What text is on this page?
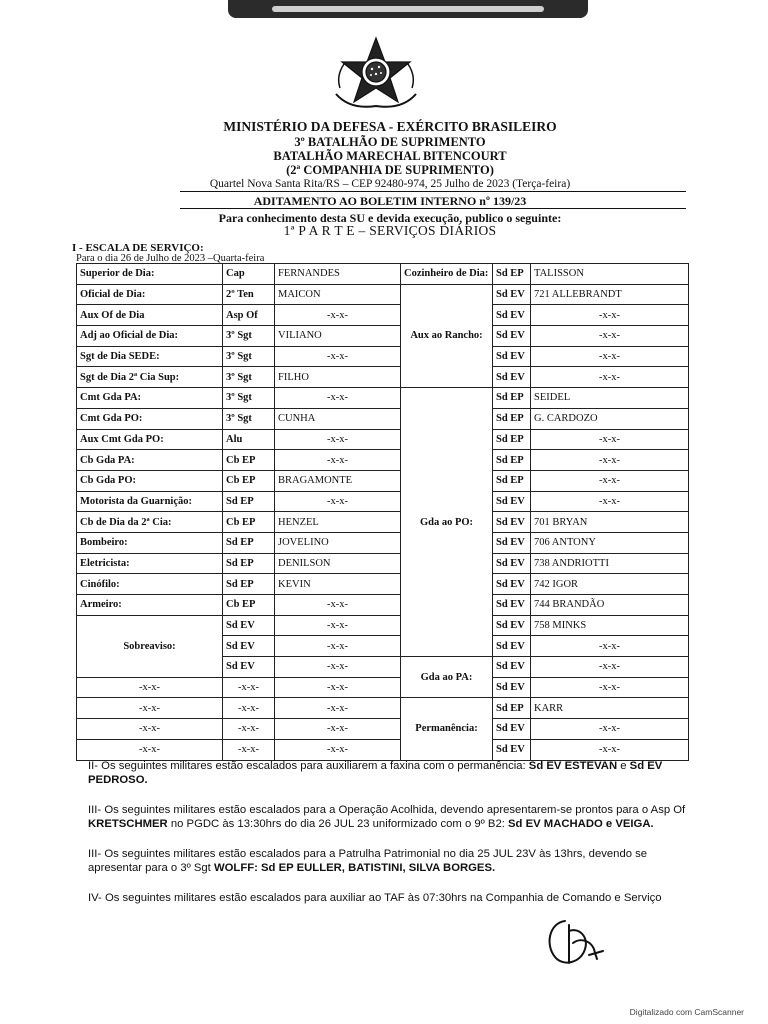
MINISTÉRIO DA DEFESA - EXÉRCITO BRASILEIRO
3º BATALHÃO DE SUPRIMENTO
BATALHÃO MARECHAL BITENCOURT
(2ª COMPANHIA DE SUPRIMENTO)
Quartel Nova Santa Rita/RS – CEP 92480-974, 25 Julho de 2023 (Terça-feira)
ADITAMENTO AO BOLETIM INTERNO nº 139/23
Para conhecimento desta SU e devida execução, publico o seguinte:
1ª P A R T E – SERVIÇOS DIÁRIOS
I - ESCALA DE SERVIÇO:
Para o dia 26 de Julho de 2023 –Quarta-feira
Superior de Dia:	Cap	FERNANDES	Cozinheiro de Dia:	Sd EP	TALISSON
Oficial de Dia:	2º Ten	MAICON	Aux ao Rancho:	Sd EV	721 ALLEBRANDT
Aux Of de Dia	Asp Of	-x-x-		Sd EV	-x-x-
Adj ao Oficial de Dia:	3º Sgt	VILIANO		Sd EV	-x-x-
Sgt de Dia SEDE:	3º Sgt	-x-x-		Sd EV	-x-x-
Sgt de Dia 2ª Cia Sup:	3º Sgt	FILHO		Sd EV	-x-x-
Cmt Gda PA:	3º Sgt	-x-x-	Gda ao PO:	Sd EP	SEIDEL
Cmt Gda PO:	3º Sgt	CUNHA		Sd EP	G. CARDOZO
Aux Cmt Gda PO:	Alu	-x-x-		Sd EP	-x-x-
Cb Gda PA:	Cb EP	-x-x-		Sd EP	-x-x-
Cb Gda PO:	Cb EP	BRAGAMONTE		Sd EP	-x-x-
Motorista da Guarnição:	Sd EP	-x-x-		Sd EV	-x-x-
Cb de Dia da 2ª Cia:	Cb EP	HENZEL		Sd EV	701 BRYAN
Bombeiro:	Sd EP	JOVELINO		Sd EV	706 ANTONY
Eletricista:	Sd EP	DENILSON		Sd EV	738 ANDRIOTTI
Cinófilo:	Sd EP	KEVIN		Sd EV	742 IGOR
Armeiro:	Cb EP	-x-x-		Sd EV	744 BRANDÃO
Sobreaviso:	Sd EV	-x-x-		Sd EV	758 MINKS
	Sd EV	-x-x-		Sd EV	-x-x-
	Sd EV	-x-x-	Gda ao PA:	Sd EV	-x-x-
-x-x-	-x-x-	-x-x-		Sd EV	-x-x-
-x-x-	-x-x-	-x-x-	Permanência:	Sd EP	KARR
-x-x-	-x-x-	-x-x-		Sd EV	-x-x-
-x-x-	-x-x-	-x-x-		Sd EV	-x-x-
II- Os seguintes militares estão escalados para auxiliarem a faxina com o permanência: Sd EV ESTEVAN e Sd EV PEDROSO.
III- Os seguintes militares estão escalados para a Operação Acolhida, devendo apresentarem-se prontos para o Asp Of KRETSCHMER no PGDC às 13:30hrs do dia 26 JUL 23 uniformizado com o 9º B2: Sd EV MACHADO e VEIGA.
III- Os seguintes militares estão escalados para a Patrulha Patrimonial no dia 25 JUL 23V às 13hrs, devendo se apresentar para o 3º Sgt WOLFF: Sd EP EULLER, BATISTINI, SILVA BORGES.
IV- Os seguintes militares estão escalados para auxiliar ao TAF às 07:30hrs na Companhia de Comando e Serviço
Digitalizado com CamScanner
